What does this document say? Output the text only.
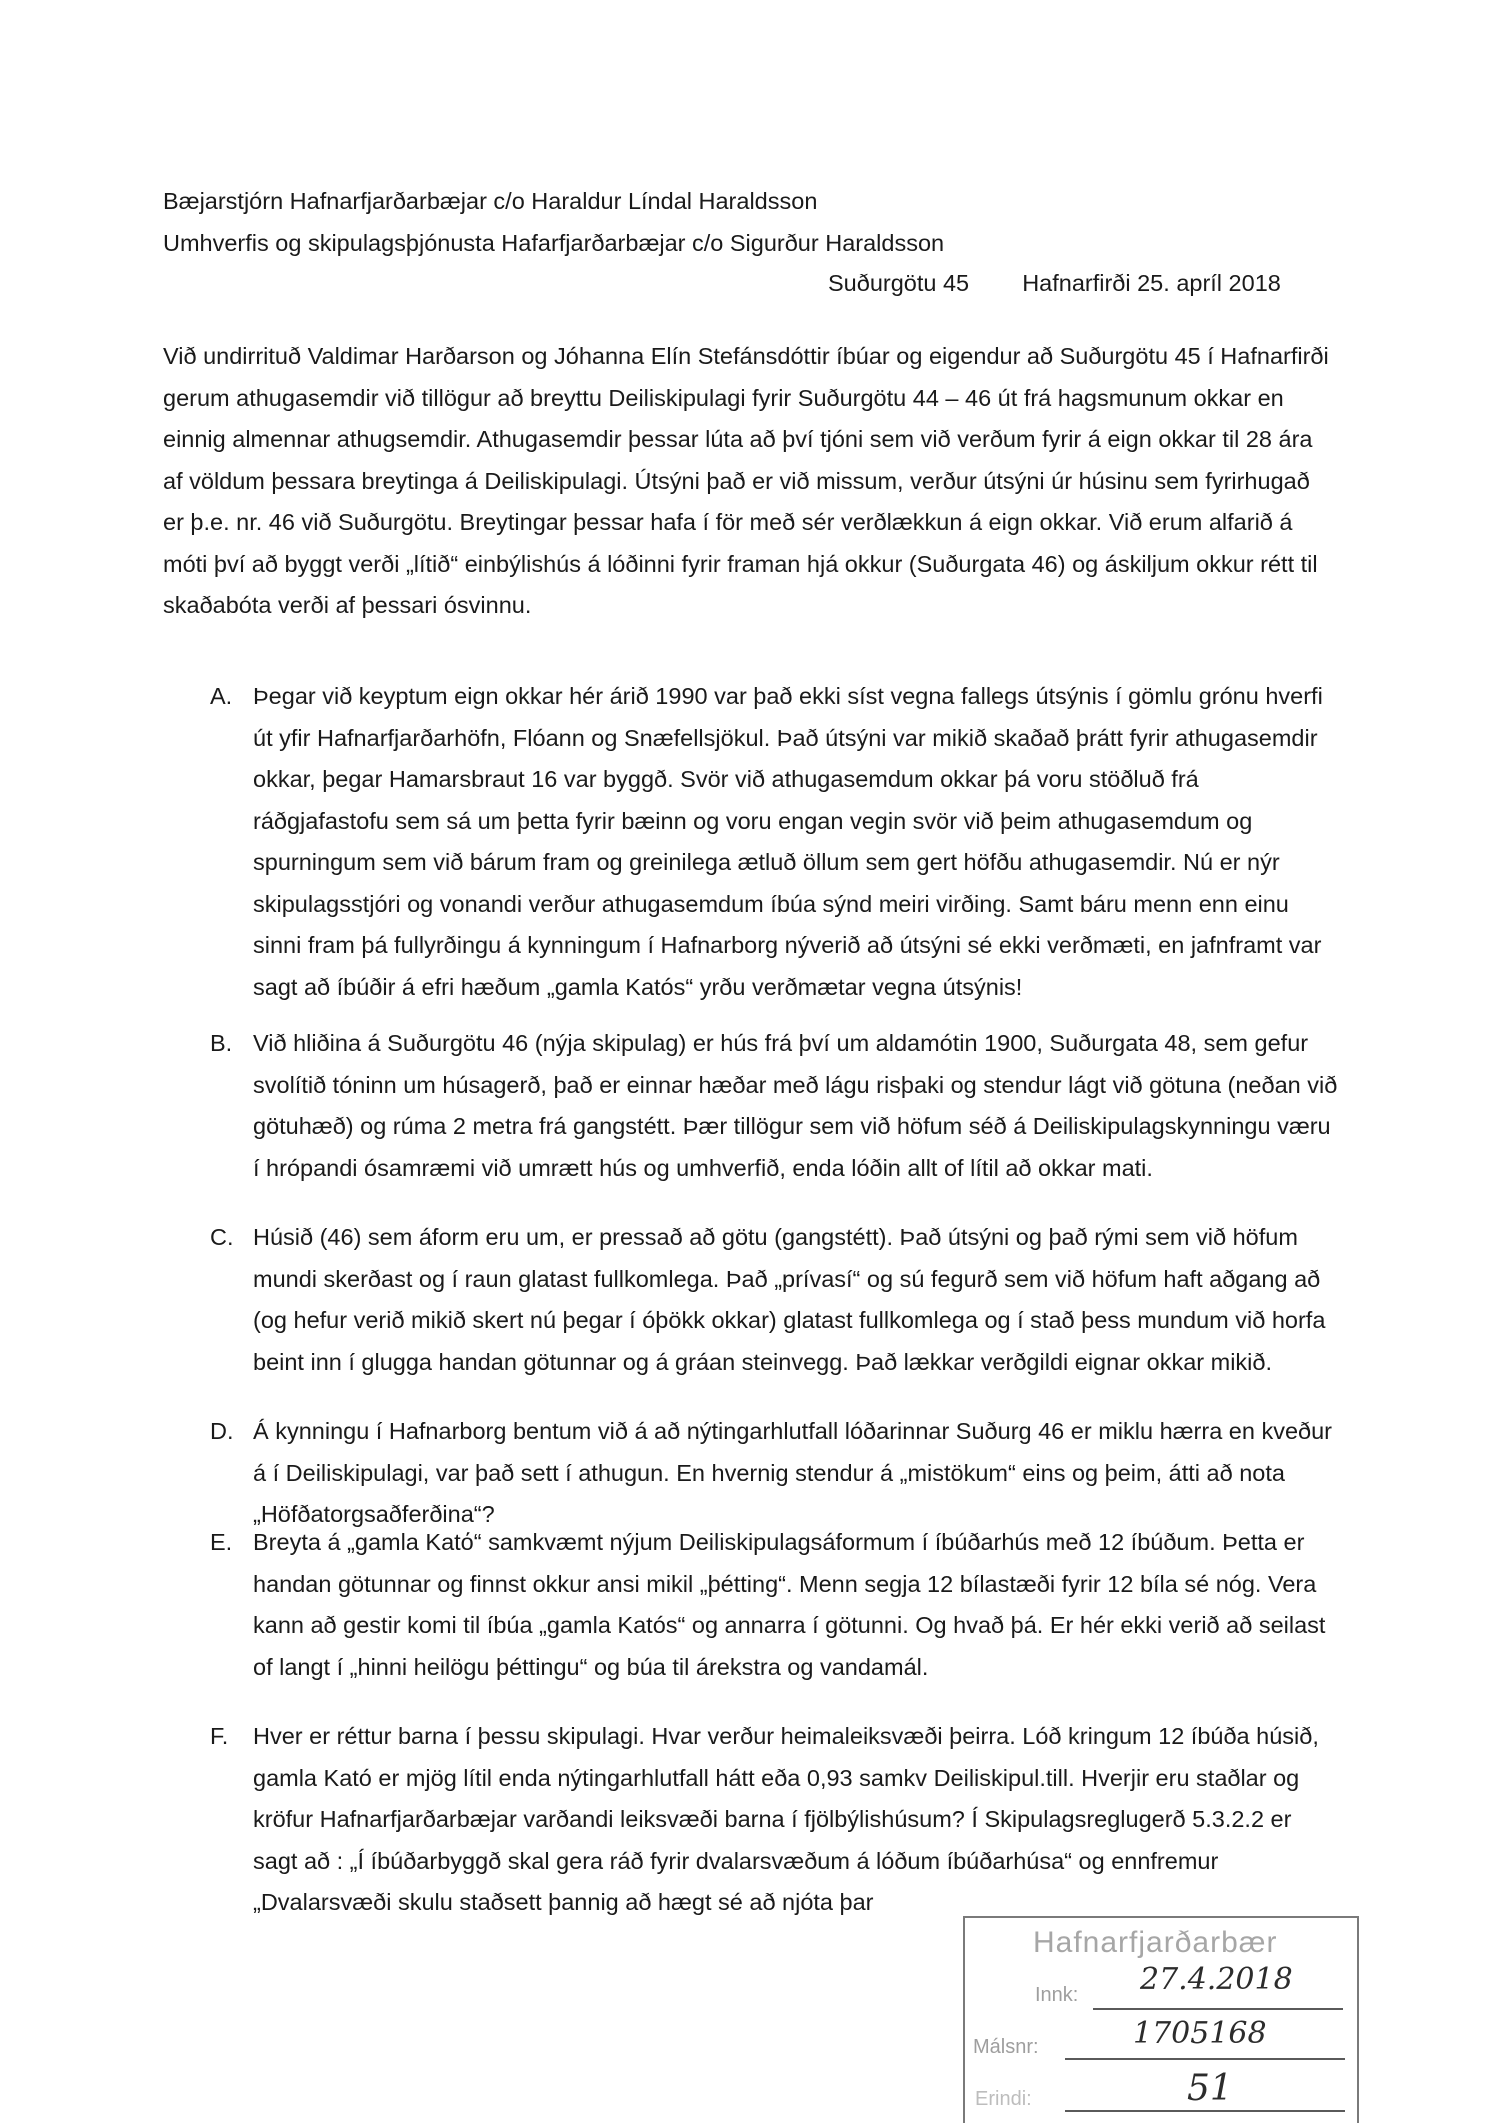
Bæjarstjórn Hafnarfjarðarbæjar c/o Haraldur Líndal Haraldsson
Umhverfis og skipulagsþjónusta Hafarfjarðarbæjar c/o Sigurður Haraldsson
Suðurgötu 45 Hafnarfirði 25. apríl 2018

Við undirrituð Valdimar Harðarson og Jóhanna Elín Stefánsdóttir íbúar og eigendur að Suðurgötu 45 í Hafnarfirði gerum athugasemdir við tillögur að breyttu Deiliskipulagi fyrir Suðurgötu 44 – 46 út frá hagsmunum okkar en einnig almennar athugsemdir. Athugasemdir þessar lúta að því tjóni sem við verðum fyrir á eign okkar til 28 ára af völdum þessara breytinga á Deiliskipulagi. Útsýni það er við missum, verður útsýni úr húsinu sem fyrirhugað er þ.e. nr. 46 við Suðurgötu. Breytingar þessar hafa í för með sér verðlækkun á eign okkar. Við erum alfarið á móti því að byggt verði „lítið“ einbýlishús á lóðinni fyrir framan hjá okkur (Suðurgata 46) og áskiljum okkur rétt til skaðabóta verði af þessari ósvinnu.

A. Þegar við keyptum eign okkar hér árið 1990 var það ekki síst vegna fallegs útsýnis í gömlu grónu hverfi út yfir Hafnarfjarðarhöfn, Flóann og Snæfellsjökul. Það útsýni var mikið skaðað þrátt fyrir athugasemdir okkar, þegar Hamarsbraut 16 var byggð. Svör við athugasemdum okkar þá voru stöðluð frá ráðgjafastofu sem sá um þetta fyrir bæinn og voru engan vegin svör við þeim athugasemdum og spurningum sem við bárum fram og greinilega ætluð öllum sem gert höfðu athugasemdir. Nú er nýr skipulagsstjóri og vonandi verður athugasemdum íbúa sýnd meiri virðing. Samt báru menn enn einu sinni fram þá fullyrðingu á kynningum í Hafnarborg nýverið að útsýni sé ekki verðmæti, en jafnframt var sagt að íbúðir á efri hæðum „gamla Katós“ yrðu verðmætar vegna útsýnis!

B. Við hliðina á Suðurgötu 46 (nýja skipulag) er hús frá því um aldamótin 1900, Suðurgata 48, sem gefur svolítið tóninn um húsagerð, það er einnar hæðar með lágu risþaki og stendur lágt við götuna (neðan við götuhæð) og rúma 2 metra frá gangstétt. Þær tillögur sem við höfum séð á Deiliskipulagskynningu væru í hrópandi ósamræmi við umrætt hús og umhverfið, enda lóðin allt of lítil að okkar mati.

C. Húsið (46) sem áform eru um, er pressað að götu (gangstétt). Það útsýni og það rými sem við höfum mundi skerðast og í raun glatast fullkomlega. Það „prívasí“ og sú fegurð sem við höfum haft aðgang að (og hefur verið mikið skert nú þegar í óþökk okkar) glatast fullkomlega og í stað þess mundum við horfa beint inn í glugga handan götunnar og á gráan steinvegg. Það lækkar verðgildi eignar okkar mikið.

D. Á kynningu í Hafnarborg bentum við á að nýtingarhlutfall lóðarinnar Suðurg 46 er miklu hærra en kveður á í Deiliskipulagi, var það sett í athugun. En hvernig stendur á „mistökum“ eins og þeim, átti að nota „Höfðatorgsaðferðina“?

E. Breyta á „gamla Katό“ samkvæmt nýjum Deiliskipulagsáformum í íbúðarhús með 12 íbúðum. Þetta er handan götunnar og finnst okkur ansi mikil „þétting“. Menn segja 12 bílastæði fyrir 12 bíla sé nóg. Vera kann að gestir komi til íbúa „gamla Katós“ og annarra í götunni. Og hvað þá. Er hér ekki verið að seilast of langt í „hinni heilögu þéttingu“ og búa til árekstra og vandamál.

F. Hver er réttur barna í þessu skipulagi. Hvar verður heimaleiksvæði þeirra. Lóð kringum 12 íbúða húsið, gamla Kató er mjög lítil enda nýtingarhlutfall hátt eða 0,93 samkv Deiliskipul.till. Hverjir eru staðlar og kröfur Hafnarfjarðarbæjar varðandi leiksvæði barna í fjölbýlishúsum? Í Skipulagsreglugerð 5.3.2.2 er sagt að : „Í íbúðarbyggð skal gera ráð fyrir dvalarsvæðum á lóðum íbúðarhúsa“ og ennfremur „Dvalarsvæði skulu staðsett þannig að hægt sé að njóta þar

Hafnarfjarðarbær
Innk: 27.4.2018
Málsnr:	1705168
Erindi:	51
